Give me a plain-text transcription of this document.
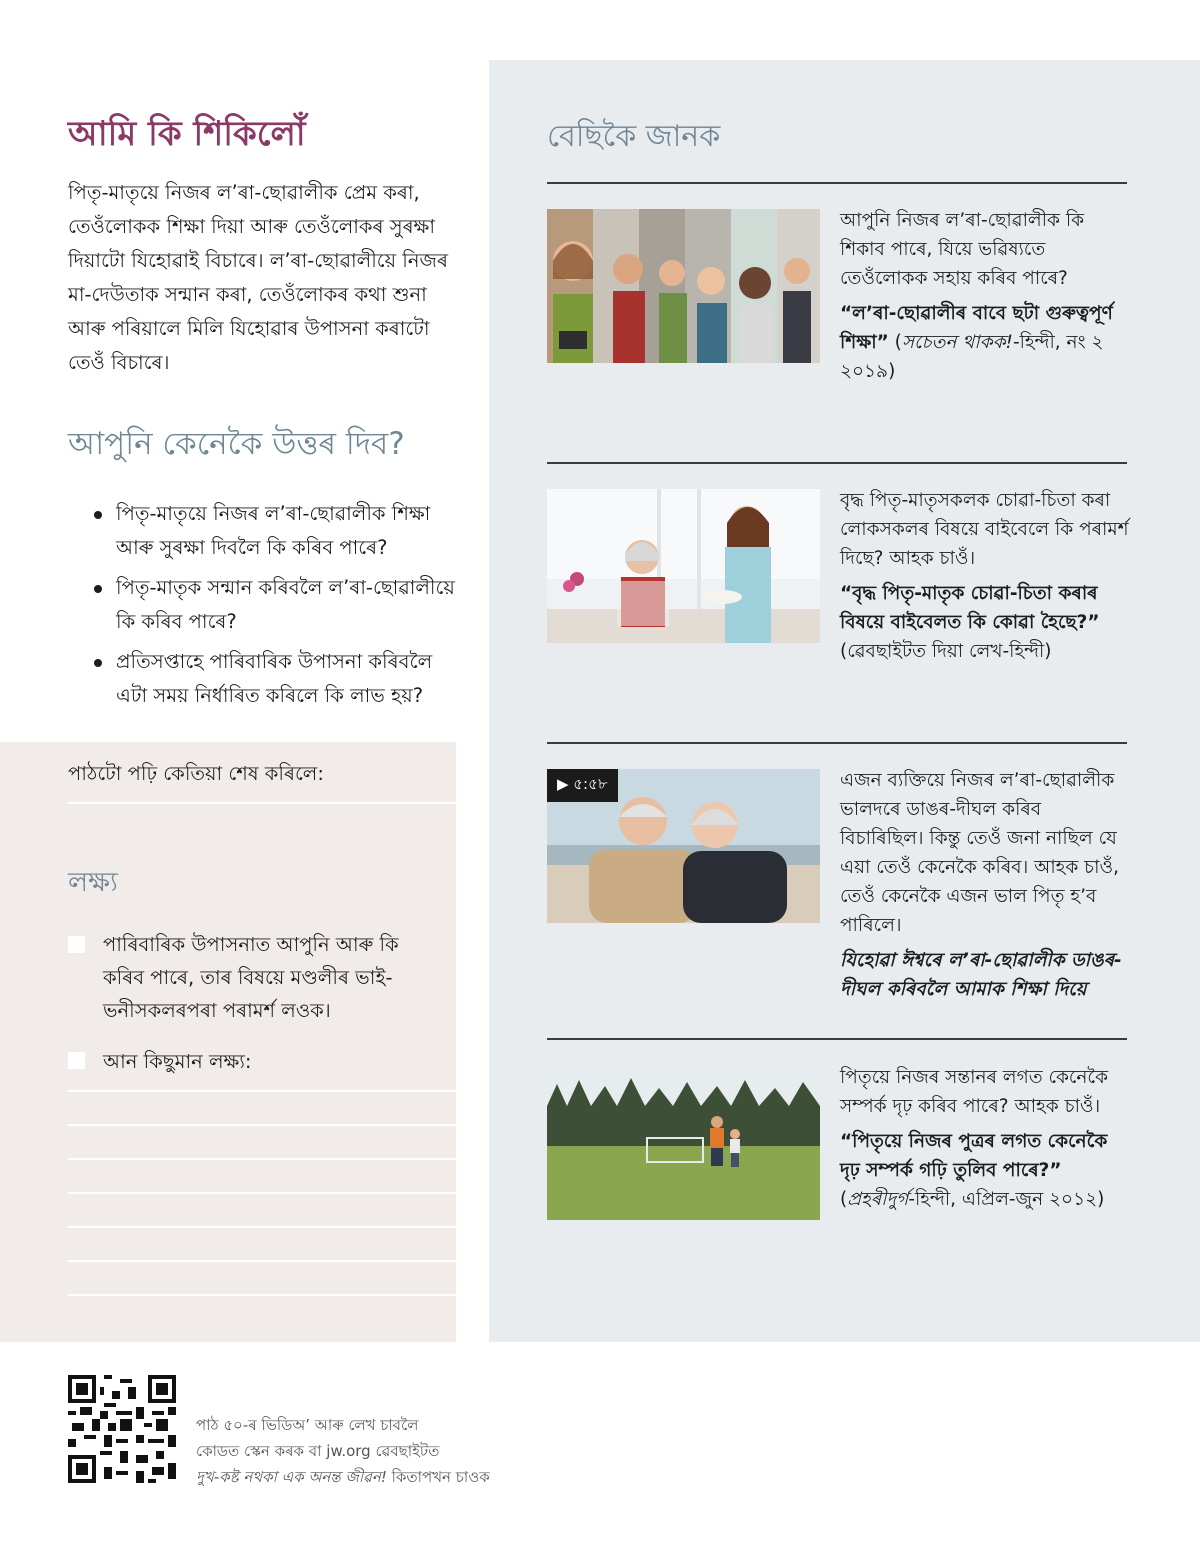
আমি কি শিকিলোঁ
পিতৃ-মাতৃয়ে নিজৰ ল’ৰা-ছোৱালীক প্ৰেম কৰা, তেওঁলোকক শিক্ষা দিয়া আৰু তেওঁলোকৰ সুৰক্ষা দিয়াটো যিহোৱাই বিচাৰে। ল’ৰা-ছোৱালীয়ে নিজৰ মা-দেউতাক সন্মান কৰা, তেওঁলোকৰ কথা শুনা আৰু পৰিয়ালে মিলি যিহোৱাৰ উপাসনা কৰাটো তেওঁ বিচাৰে।
আপুনি কেনেকৈ উত্তৰ দিব?
পিতৃ-মাতৃয়ে নিজৰ ল’ৰা-ছোৱালীক শিক্ষা আৰু সুৰক্ষা দিবলৈ কি কৰিব পাৰে?
পিতৃ-মাতৃক সন্মান কৰিবলৈ ল’ৰা-ছোৱালীয়ে কি কৰিব পাৰে?
প্ৰতিসপ্তাহে পাৰিবাৰিক উপাসনা কৰিবলৈ এটা সময় নিৰ্ধাৰিত কৰিলে কি লাভ হয়?
পাঠটো পঢ়ি কেতিয়া শেষ কৰিলে:
লক্ষ্য
পাৰিবাৰিক উপাসনাত আপুনি আৰু কি কৰিব পাৰে, তাৰ বিষয়ে মণ্ডলীৰ ভাই-ভনীসকলৰপৰা পৰামৰ্শ লওক।
আন কিছুমান লক্ষ্য:
বেছিকৈ জানক

আপুনি নিজৰ ল’ৰা-ছোৱালীক কি শিকাব পাৰে, যিয়ে ভৱিষ্যতে তেওঁলোকক সহায় কৰিব পাৰে?

“ল’ৰা-ছোৱালীৰ বাবে ছটা গুৰুত্বপূৰ্ণ শিক্ষা” (সচেতন থাকক!-হিন্দী, নং ২ ২০১৯)

বৃদ্ধ পিতৃ-মাতৃসকলক চোৱা-চিতা কৰা লোকসকলৰ বিষয়ে বাইবেলে কি পৰামৰ্শ দিছে? আহক চাওঁ।

“বৃদ্ধ পিতৃ-মাতৃক চোৱা-চিতা কৰাৰ বিষয়ে বাইবেলত কি কোৱা হৈছে?” (ৱেবছাইটত দিয়া লেখ-হিন্দী)

▶ ৫:৫৮	এজন ব্যক্তিয়ে নিজৰ ল’ৰা-ছোৱালীক ভালদৰে ডাঙৰ-দীঘল কৰিব বিচাৰিছিল। কিন্তু তেওঁ জনা নাছিল যে এয়া তেওঁ কেনেকৈ কৰিব। আহক চাওঁ, তেওঁ কেনেকৈ এজন ভাল পিতৃ হ’ব পাৰিলে।

যিহোৱা ঈশ্বৰে ল’ৰা-ছোৱালীক ডাঙৰ-দীঘল কৰিবলৈ আমাক শিক্ষা দিয়ে

পিতৃয়ে নিজৰ সন্তানৰ লগত কেনেকৈ সম্পৰ্ক দৃঢ় কৰিব পাৰে? আহক চাওঁ।

“পিতৃয়ে নিজৰ পুত্ৰৰ লগত কেনেকৈ দৃঢ় সম্পৰ্ক গঢ়ি তুলিব পাৰে?” (প্ৰহৰীদুৰ্গ-হিন্দী, এপ্ৰিল-জুন ২০১২)

পাঠ ৫০-ৰ ভিডিঅ’ আৰু লেখ চাবলৈ
কোডত স্কেন কৰক বা jw.org ৱেবছাইটত
দুখ-কষ্ট নথকা এক অনন্ত জীৱন! কিতাপখন চাওক
